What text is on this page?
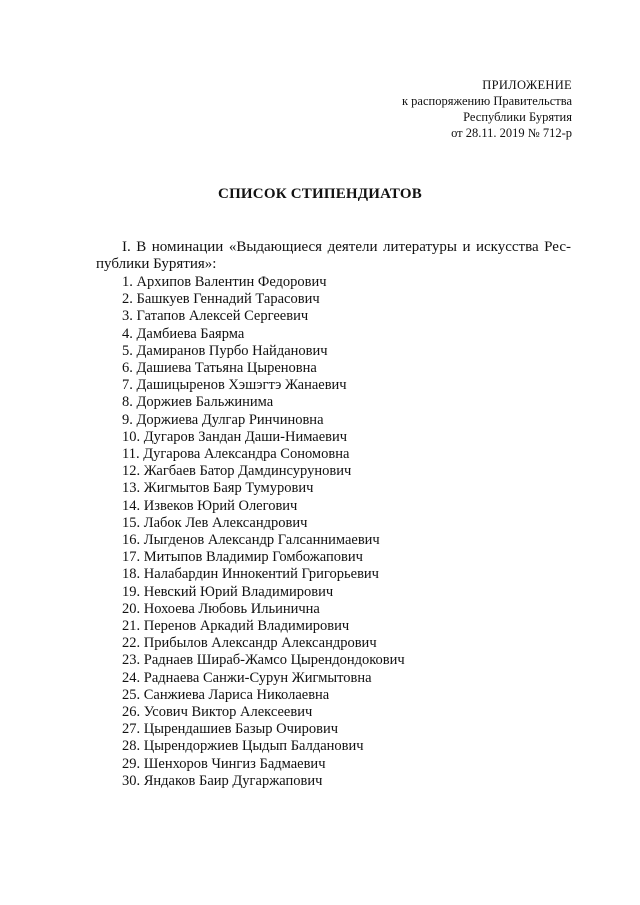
ПРИЛОЖЕНИЕ
к распоряжению Правительства
Республики Бурятия
от 28.11. 2019 № 712-р
СПИСОК СТИПЕНДИАТОВ
I. В номинации «Выдающиеся деятели литературы и искусства Рес-
публики Бурятия»:
1. Архипов Валентин Федорович
2. Башкуев Геннадий Тарасович
3. Гатапов Алексей Сергеевич
4. Дамбиева Баярма
5. Дамиранов Пурбо Найданович
6. Дашиева Татьяна Цыреновна
7. Дашицыренов Хэшэгтэ Жанаевич
8. Доржиев Бальжинима
9. Доржиева Дулгар Ринчиновна
10. Дугаров Зандан Даши-Нимаевич
11. Дугарова Александра Сономовна
12. Жагбаев Батор Дамдинсурунович
13. Жигмытов Баяр Тумурович
14. Извеков Юрий Олегович
15. Лабок Лев Александрович
16. Лыгденов Александр Галсаннимаевич
17. Митыпов Владимир Гомбожапович
18. Налабардин Иннокентий Григорьевич
19. Невский Юрий Владимирович
20. Нохоева Любовь Ильинична
21. Перенов Аркадий Владимирович
22. Прибылов Александр Александрович
23. Раднаев Шираб-Жамсо Цырендондокович
24. Раднаева Санжи-Сурун Жигмытовна
25. Санжиева Лариса Николаевна
26. Усович Виктор Алексеевич
27. Цырендашиев Базыр Очирович
28. Цырендоржиев Цыдып Балданович
29. Шенхоров Чингиз Бадмаевич
30. Яндаков Баир Дугаржапович
